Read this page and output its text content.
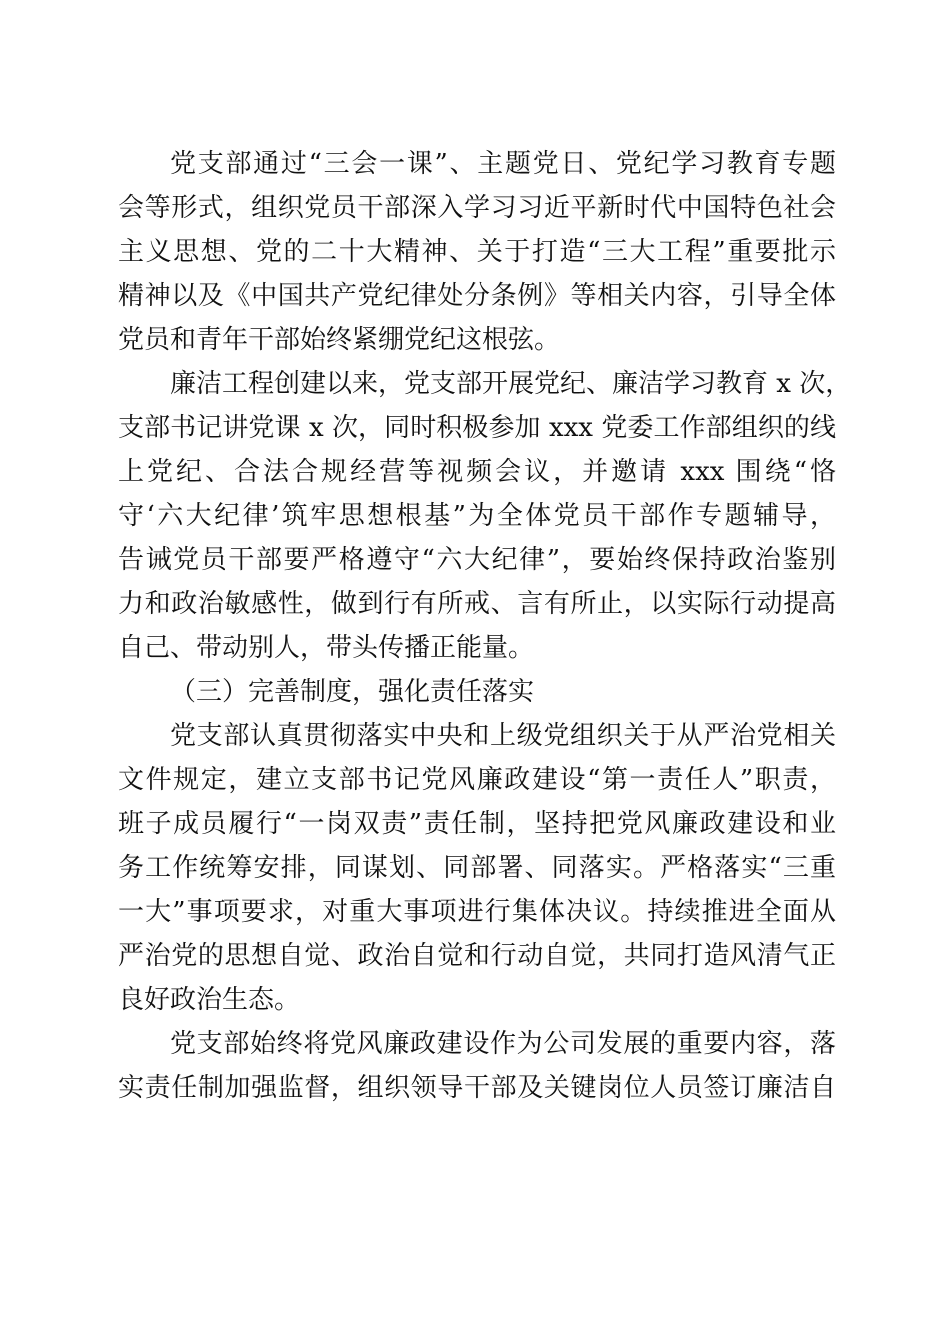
党支部通过“三会一课”、主题党日、党纪学习教育专题
会等形式，组织党员干部深入学习习近平新时代中国特色社会
主义思想、党的二十大精神、关于打造“三大工程”重要批示
精神以及《中国共产党纪律处分条例》等相关内容，引导全体
党员和青年干部始终紧绷党纪这根弦。
廉洁工程创建以来，党支部开展党纪、廉洁学习教育 x 次，
支部书记讲党课 x 次，同时积极参加 xxx 党委工作部组织的线
上党纪、合法合规经营等视频会议，并邀请 xxx 围绕“恪
守‘六大纪律’筑牢思想根基”为全体党员干部作专题辅导，
告诫党员干部要严格遵守“六大纪律”，要始终保持政治鉴别
力和政治敏感性，做到行有所戒、言有所止，以实际行动提高
自己、带动别人，带头传播正能量。
（三）完善制度，强化责任落实
党支部认真贯彻落实中央和上级党组织关于从严治党相关
文件规定，建立支部书记党风廉政建设“第一责任人”职责，
班子成员履行“一岗双责”责任制，坚持把党风廉政建设和业
务工作统筹安排，同谋划、同部署、同落实。严格落实“三重
一大”事项要求，对重大事项进行集体决议。持续推进全面从
严治党的思想自觉、政治自觉和行动自觉，共同打造风清气正
良好政治生态。
党支部始终将党风廉政建设作为公司发展的重要内容，落
实责任制加强监督，组织领导干部及关键岗位人员签订廉洁自
